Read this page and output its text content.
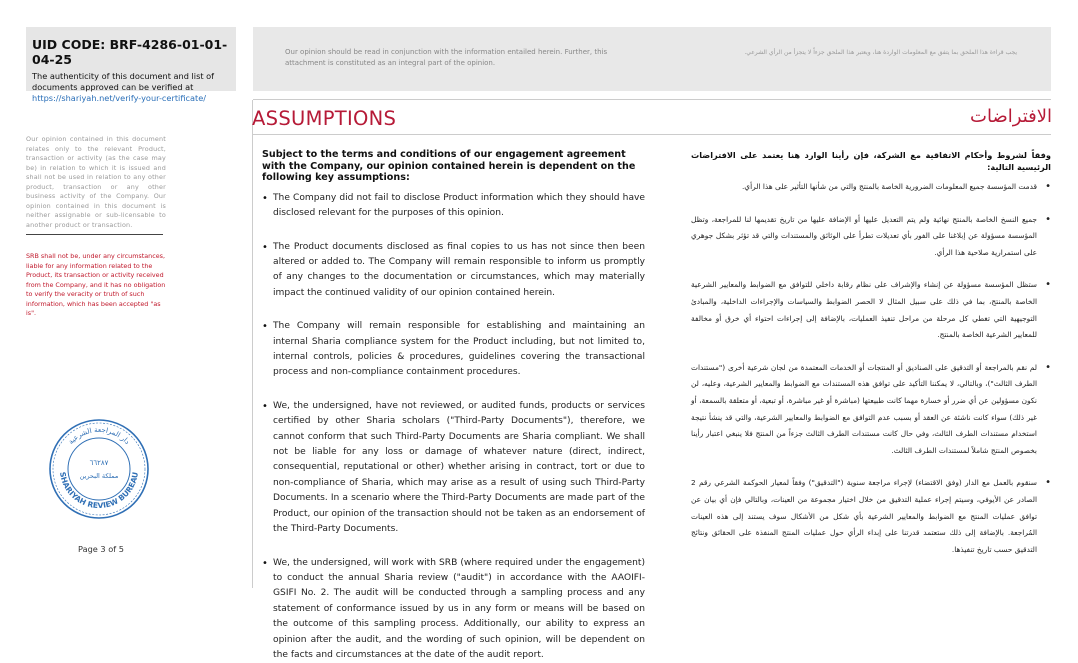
UID CODE: BRF-4286-01-01-04-25
The authenticity of this document and list of documents approved can be verified at
https://shariyah.net/verify-your-certificate/
Our opinion should be read in conjunction with the information entailed herein. Further, this attachment is constituted as an integral part of the opinion.
يجب قراءة هذا الملحق بما يتفق مع المعلومات الواردة هنا، ويعتبر هذا الملحق جزءاً لا يتجزأ من الرأي الشرعي.
Our opinion contained in this document relates only to the relevant Product, transaction or activity (as the case may be) in relation to which it is issued and shall not be used in relation to any other product, transaction or any other business activity of the Company. Our opinion contained in this document is neither assignable or sub-licensable to another product or transaction.
SRB shall not be, under any circumstances, liable for any information related to the Product, its transaction or activity received from the Company, and it has no obligation to verify the veracity or truth of such information, which has been accepted "as is".
SHARIYAH REVIEW BUREAU
دار المراجعة الشرعية
٦٦٢٨٧
مملكة البحرين
Page 3 of 5
ASSUMPTIONS	الافتراضات
Subject to the terms and conditions of our engagement agreement with the Company, our opinion contained herein is dependent on the following key assumptions:
• The Company did not fail to disclose Product information which they should have disclosed relevant for the purposes of this opinion.
• The Product documents disclosed as final copies to us has not since then been altered or added to. The Company will remain responsible to inform us promptly of any changes to the documentation or circumstances, which may materially impact the continued validity of our opinion contained herein.
• The Company will remain responsible for establishing and maintaining an internal Sharia compliance system for the Product including, but not limited to, internal controls, policies & procedures, guidelines covering the transactional process and non-compliance containment procedures.
• We, the undersigned, have not reviewed, or audited funds, products or services certified by other Sharia scholars ("Third-Party Documents"), therefore, we cannot conform that such Third-Party Documents are Sharia compliant. We shall not be liable for any loss or damage of whatever nature (direct, indirect, consequential, reputational or other) whether arising in contract, tort or due to non-compliance of Sharia, which may arise as a result of using such Third-Party Documents. In a scenario where the Third-Party Documents are made part of the Product, our opinion of the transaction should not be taken as an endorsement of the Third-Party Documents.
• We, the undersigned, will work with SRB (where required under the engagement) to conduct the annual Sharia review ("audit") in accordance with the AAOIFI-GSIFI No. 2. The audit will be conducted through a sampling process and any statement of conformance issued by us in any form or means will be based on the outcome of this sampling process. Additionally, our ability to express an opinion after the audit, and the wording of such opinion, will be dependent on the facts and circumstances at the date of the audit report.
وفقاً لشروط وأحكام الاتفاقية مع الشركة، فإن رأينا الوارد هنا يعتمد على الافتراضات الرئيسية التالية:
• قدمت المؤسسة جميع المعلومات الضرورية الخاصة بالمنتج والتي من شأنها التأثير على هذا الرأي.
• جميع النسخ الخاصة بالمنتج نهائية ولم يتم التعديل عليها أو الإضافة عليها من تاريخ تقديمها لنا للمراجعة، وتظل المؤسسة مسؤولة عن إبلاغنا على الفور بأي تعديلات تطرأ على الوثائق والمستندات والتي قد تؤثر بشكل جوهري على استمرارية صلاحية هذا الرأي.
• ستظل المؤسسة مسؤولة عن إنشاء والإشراف على نظام رقابة داخلي للتوافق مع الضوابط والمعايير الشرعية الخاصة بالمنتج، بما في ذلك على سبيل المثال لا الحصر الضوابط والسياسات والإجراءات الداخلية، والمبادئ التوجيهية التي تغطي كل مرحلة من مراحل تنفيذ العمليات، بالإضافة إلى إجراءات احتواء أي خرق أو مخالفة للمعايير الشرعية الخاصة بالمنتج.
• لم نقم بالمراجعة أو التدقيق على الصناديق أو المنتجات أو الخدمات المعتمدة من لجان شرعية أخرى ("مستندات الطرف الثالث")، وبالتالي، لا يمكننا التأكيد على توافق هذه المستندات مع الضوابط والمعايير الشرعية، وعليه، لن نكون مسؤولين عن أي ضرر أو خسارة مهما كانت طبيعتها (مباشرة أو غير مباشرة، أو تبعية، أو متعلقة بالسمعة، أو غير ذلك) سواء كانت ناشئة عن العقد أو بسبب عدم التوافق مع الضوابط والمعايير الشرعية، والتي قد ينشأ نتيجة استخدام مستندات الطرف الثالث، وفي حال كانت مستندات الطرف الثالث جزءاً من المنتج فلا ينبغي اعتبار رأينا بخصوص المنتج شاملاً لمستندات الطرف الثالث.
• سنقوم بالعمل مع الدار (وفق الاقتضاء) لإجراء مراجعة سنوية ("التدقيق") وفقاً لمعيار الحوكمة الشرعي رقم 2 الصادر عن الأيوفي، وسيتم إجراء عملية التدقيق من خلال اختيار مجموعة من العينات، وبالتالي فإن أي بيان عن توافق عمليات المنتج مع الضوابط والمعايير الشرعية بأي شكل من الأشكال سوف يستند إلى هذه العينات المُراجعة. بالإضافة إلى ذلك ستعتمد قدرتنا على إبداء الرأي حول عمليات المنتج المنفذة على الحقائق ونتائج التدقيق حسب تاريخ تنفيذها.
